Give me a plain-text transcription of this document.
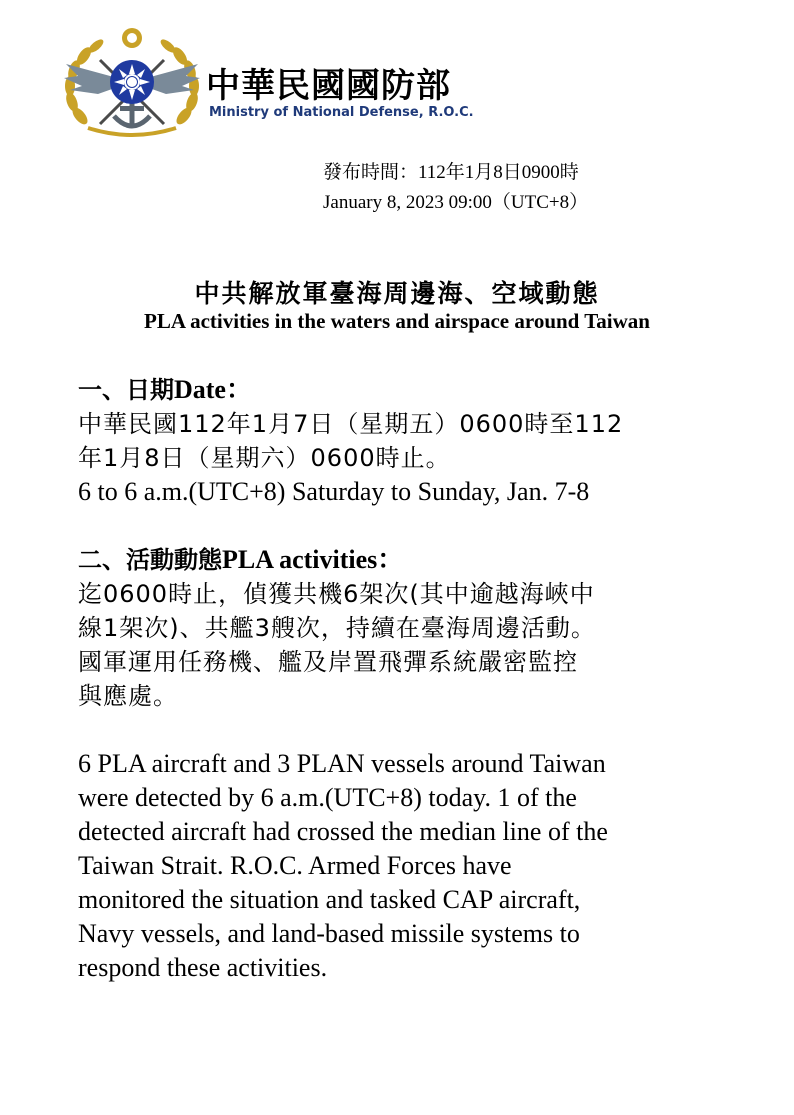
中華民國國防部
Ministry of National Defense, R.O.C.
發布時間：112年1月8日0900時
January 8, 2023 09:00（UTC+8）
中共解放軍臺海周邊海、空域動態
PLA activities in the waters and airspace around Taiwan
一、日期Date：
中華民國112年1月7日（星期五）0600時至112
年1月8日（星期六）0600時止。
6 to 6 a.m.(UTC+8) Saturday to Sunday, Jan. 7-8
二、活動動態PLA activities：
迄0600時止，偵獲共機6架次(其中逾越海峽中
線1架次)、共艦3艘次，持續在臺海周邊活動。
國軍運用任務機、艦及岸置飛彈系統嚴密監控
與應處。
6 PLA aircraft and 3 PLAN vessels around Taiwan
were detected by 6 a.m.(UTC+8) today. 1 of the
detected aircraft had crossed the median line of the
Taiwan Strait. R.O.C. Armed Forces have
monitored the situation and tasked CAP aircraft,
Navy vessels, and land-based missile systems to
respond these activities.
